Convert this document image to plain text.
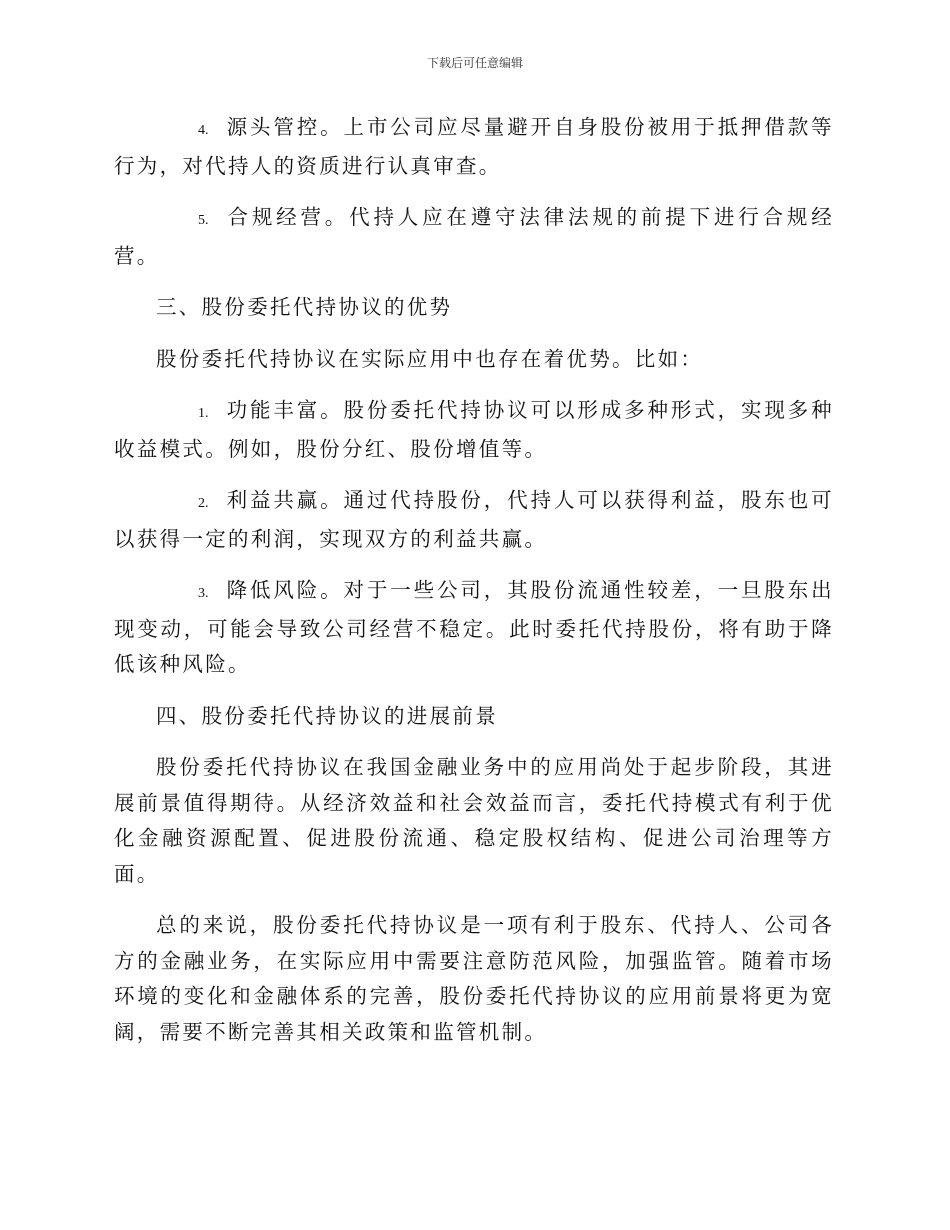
下载后可任意编辑

4. 源头管控。上市公司应尽量避开自身股份被用于抵押借款等行为，对代持人的资质进行认真审查。

5. 合规经营。代持人应在遵守法律法规的前提下进行合规经营。

三、股份委托代持协议的优势

股份委托代持协议在实际应用中也存在着优势。比如：

1. 功能丰富。股份委托代持协议可以形成多种形式，实现多种收益模式。例如，股份分红、股份增值等。

2. 利益共赢。通过代持股份，代持人可以获得利益，股东也可以获得一定的利润，实现双方的利益共赢。

3. 降低风险。对于一些公司，其股份流通性较差，一旦股东出现变动，可能会导致公司经营不稳定。此时委托代持股份，将有助于降低该种风险。

四、股份委托代持协议的进展前景

股份委托代持协议在我国金融业务中的应用尚处于起步阶段，其进展前景值得期待。从经济效益和社会效益而言，委托代持模式有利于优化金融资源配置、促进股份流通、稳定股权结构、促进公司治理等方面。

总的来说，股份委托代持协议是一项有利于股东、代持人、公司各方的金融业务，在实际应用中需要注意防范风险，加强监管。随着市场环境的变化和金融体系的完善，股份委托代持协议的应用前景将更为宽阔，需要不断完善其相关政策和监管机制。
